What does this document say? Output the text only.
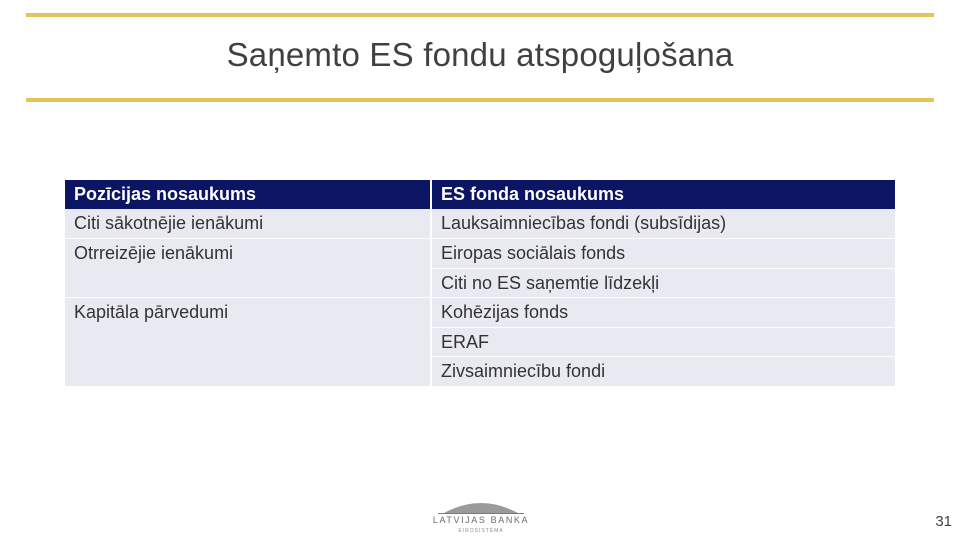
Saņemto ES fondu atspoguļošana
Pozīcijas nosaukums	ES fonda nosaukums
Citi sākotnējie ienākumi
Otrreizējie ienākumi
Kapitāla pārvedumi
Lauksaimniecības fondi (subsīdijas)
Eiropas sociālais fonds
Citi no ES saņemtie līdzekļi
Kohēzijas fonds
ERAF
Zivsaimniecību fondi
LATVIJAS BANKA
EIROSISTĒMA
31
